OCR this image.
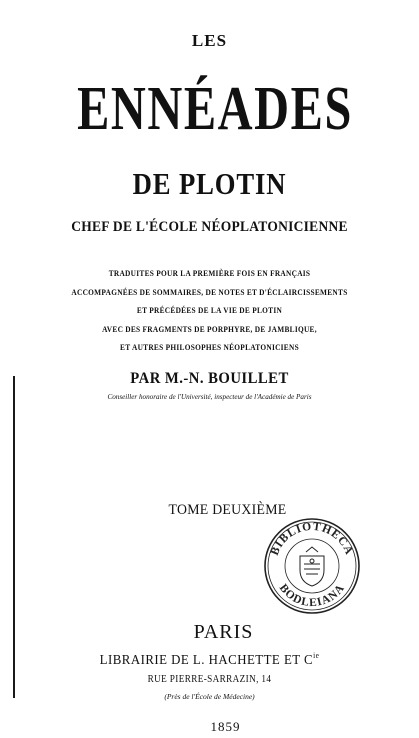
LES
ENNÉADES
DE PLOTIN
CHEF DE L'ÉCOLE NÉOPLATONICIENNE
TRADUITES POUR LA PREMIÈRE FOIS EN FRANÇAIS
ACCOMPAGNÉES DE SOMMAIRES, DE NOTES ET D'ÉCLAIRCISSEMENTS
ET PRÉCÉDÉES DE LA VIE DE PLOTIN
AVEC DES FRAGMENTS DE PORPHYRE, DE JAMBLIQUE,
ET AUTRES PHILOSOPHES NÉOPLATONICIENS
PAR M.-N. BOUILLET
Conseiller honoraire de l'Université, inspecteur de l'Académie de Paris
TOME DEUXIÈME
BIBLIOTHECA
BODLEIANA
PARIS
LIBRAIRIE DE L. HACHETTE ET $C^{ie}$
RUE PIERRE-SARRAZIN, 14
(Près de l'École de Médecine)
1859
